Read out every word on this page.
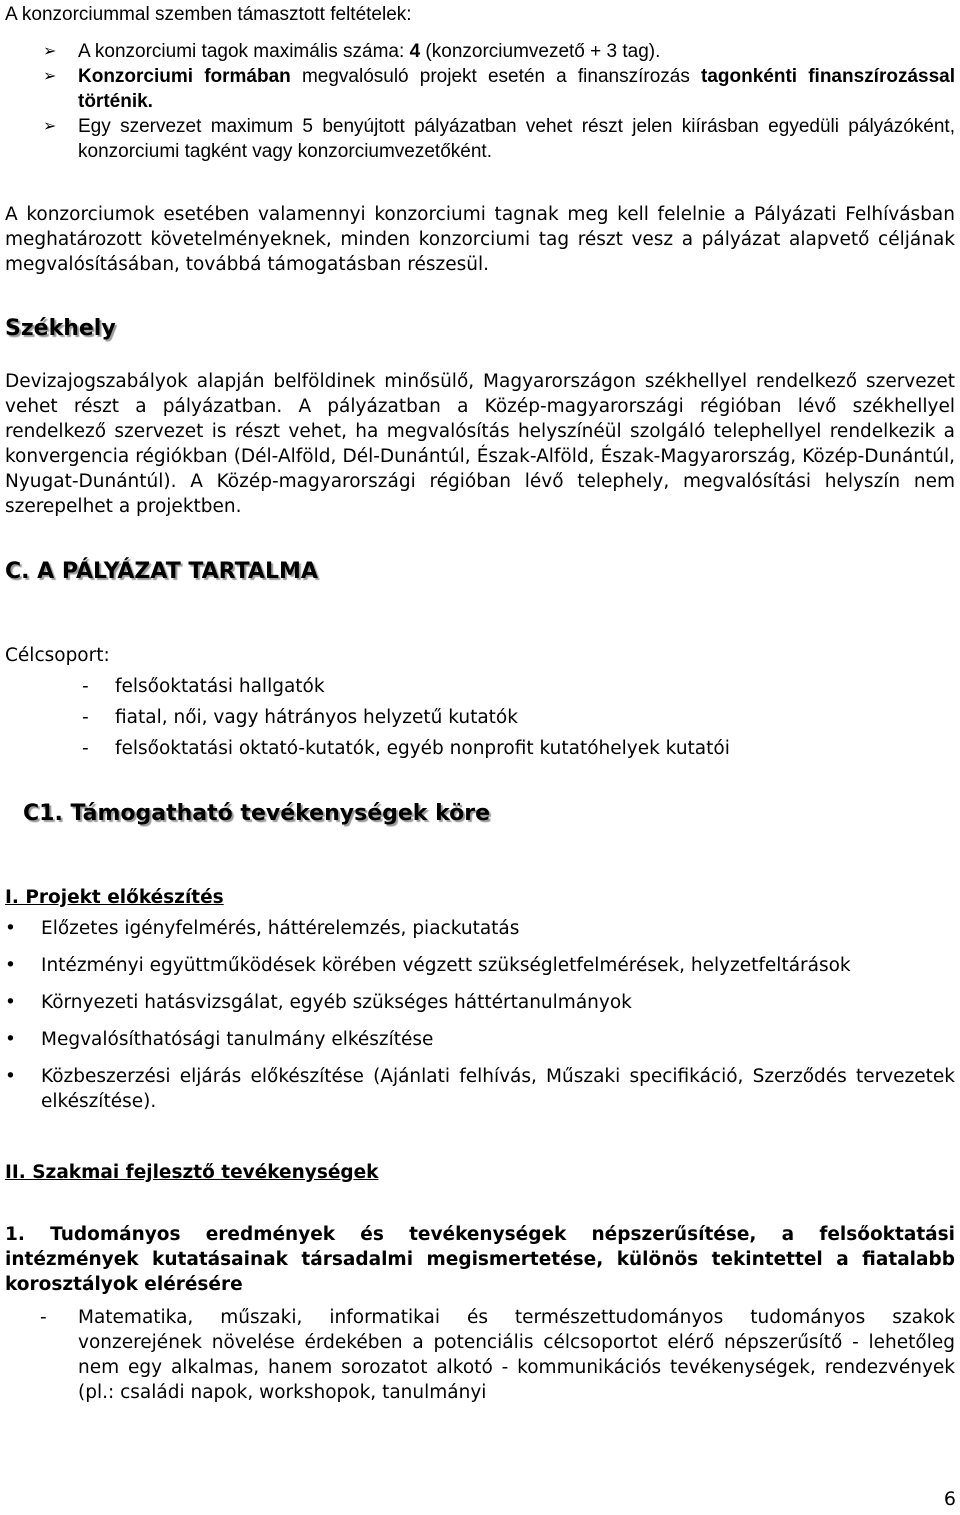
A konzorciummal szemben támasztott feltételek:
➢ A konzorciumi tagok maximális száma: 4 (konzorciumvezető + 3 tag).
➢ Konzorciumi formában megvalósuló projekt esetén a finanszírozás tagonkénti finanszírozással történik.
➢ Egy szervezet maximum 5 benyújtott pályázatban vehet részt jelen kiírásban egyedüli pályázóként, konzorciumi tagként vagy konzorciumvezetőként.
A konzorciumok esetében valamennyi konzorciumi tagnak meg kell felelnie a Pályázati Felhívásban meghatározott követelményeknek, minden konzorciumi tag részt vesz a pályázat alapvető céljának megvalósításában, továbbá támogatásban részesül.
Székhely
Devizajogszabályok alapján belföldinek minősülő, Magyarországon székhellyel rendelkező szervezet vehet részt a pályázatban. A pályázatban a Közép-magyarországi régióban lévő székhellyel rendelkező szervezet is részt vehet, ha megvalósítás helyszínéül szolgáló telephellyel rendelkezik a konvergencia régiókban (Dél-Alföld, Dél-Dunántúl, Észak-Alföld, Észak-Magyarország, Közép-Dunántúl, Nyugat-Dunántúl). A Közép-magyarországi régióban lévő telephely, megvalósítási helyszín nem szerepelhet a projektben.
C. A PÁLYÁZAT TARTALMA
Célcsoport:
- felsőoktatási hallgatók
- fiatal, női, vagy hátrányos helyzetű kutatók
- felsőoktatási oktató-kutatók, egyéb nonprofit kutatóhelyek kutatói
C1. Támogatható tevékenységek köre
I. Projekt előkészítés
• Előzetes igényfelmérés, háttérelemzés, piackutatás
• Intézményi együttműködések körében végzett szükségletfelmérések, helyzetfeltárások
• Környezeti hatásvizsgálat, egyéb szükséges háttértanulmányok
• Megvalósíthatósági tanulmány elkészítése
• Közbeszerzési eljárás előkészítése (Ajánlati felhívás, Műszaki specifikáció, Szerződés tervezetek elkészítése).
II. Szakmai fejlesztő tevékenységek
1. Tudományos eredmények és tevékenységek népszerűsítése, a felsőoktatási intézmények kutatásainak társadalmi megismertetése, különös tekintettel a fiatalabb korosztályok elérésére
- Matematika, műszaki, informatikai és természettudományos tudományos szakok vonzerejének növelése érdekében a potenciális célcsoportot elérő népszerűsítő - lehetőleg nem egy alkalmas, hanem sorozatot alkotó - kommunikációs tevékenységek, rendezvények (pl.: családi napok, workshopok, tanulmányi
6
